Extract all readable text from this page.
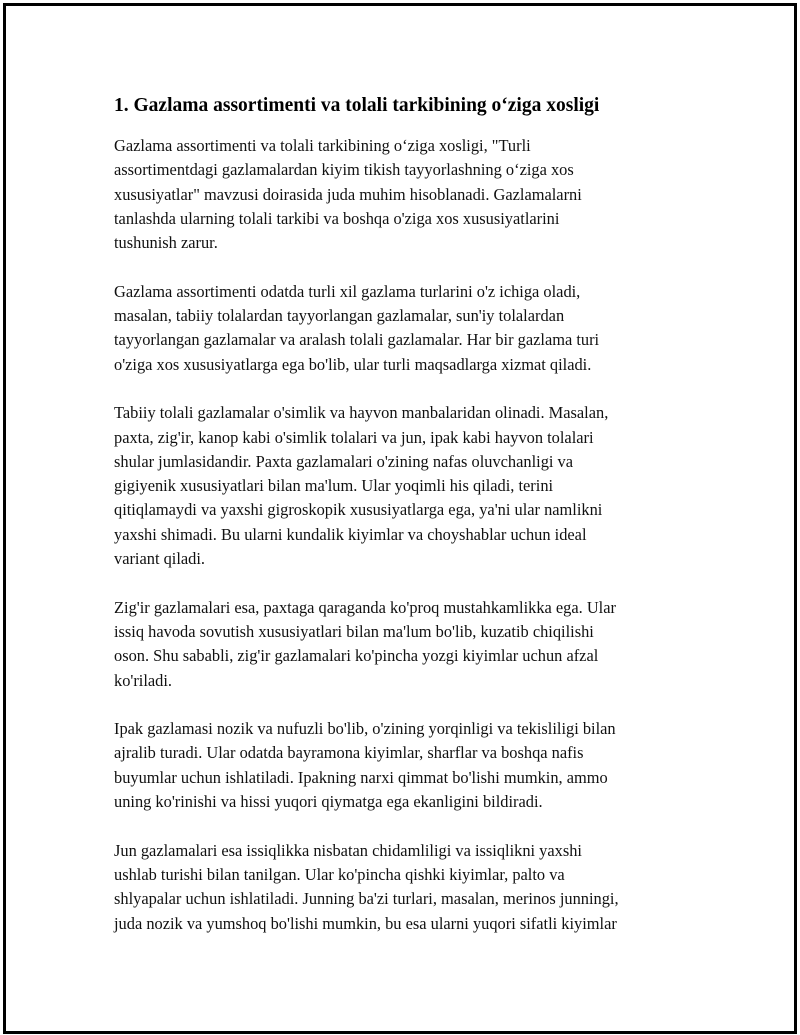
1. Gazlama assortimenti va tolali tarkibining o‘ziga xosligi
Gazlama assortimenti va tolali tarkibining o‘ziga xosligi, "Turli
assortimentdagi gazlamalardan kiyim tikish tayyorlashning o‘ziga xos
xususiyatlar" mavzusi doirasida juda muhim hisoblanadi. Gazlamalarni
tanlashda ularning tolali tarkibi va boshqa o'ziga xos xususiyatlarini
tushunish zarur.
Gazlama assortimenti odatda turli xil gazlama turlarini o'z ichiga oladi,
masalan, tabiiy tolalardan tayyorlangan gazlamalar, sun'iy tolalardan
tayyorlangan gazlamalar va aralash tolali gazlamalar. Har bir gazlama turi
o'ziga xos xususiyatlarga ega bo'lib, ular turli maqsadlarga xizmat qiladi.
Tabiiy tolali gazlamalar o'simlik va hayvon manbalaridan olinadi. Masalan,
paxta, zig'ir, kanop kabi o'simlik tolalari va jun, ipak kabi hayvon tolalari
shular jumlasidandir. Paxta gazlamalari o'zining nafas oluvchanligi va
gigiyenik xususiyatlari bilan ma'lum. Ular yoqimli his qiladi, terini
qitiqlamaydi va yaxshi gigroskopik xususiyatlarga ega, ya'ni ular namlikni
yaxshi shimadi. Bu ularni kundalik kiyimlar va choyshablar uchun ideal
variant qiladi.
Zig'ir gazlamalari esa, paxtaga qaraganda ko'proq mustahkamlikka ega. Ular
issiq havoda sovutish xususiyatlari bilan ma'lum bo'lib, kuzatib chiqilishi
oson. Shu sababli, zig'ir gazlamalari ko'pincha yozgi kiyimlar uchun afzal
ko'riladi.
Ipak gazlamasi nozik va nufuzli bo'lib, o'zining yorqinligi va tekisliligi bilan
ajralib turadi. Ular odatda bayramona kiyimlar, sharflar va boshqa nafis
buyumlar uchun ishlatiladi. Ipakning narxi qimmat bo'lishi mumkin, ammo
uning ko'rinishi va hissi yuqori qiymatga ega ekanligini bildiradi.
Jun gazlamalari esa issiqlikka nisbatan chidamliligi va issiqlikni yaxshi
ushlab turishi bilan tanilgan. Ular ko'pincha qishki kiyimlar, palto va
shlyapalar uchun ishlatiladi. Junning ba'zi turlari, masalan, merinos junningi,
juda nozik va yumshoq bo'lishi mumkin, bu esa ularni yuqori sifatli kiyimlar
